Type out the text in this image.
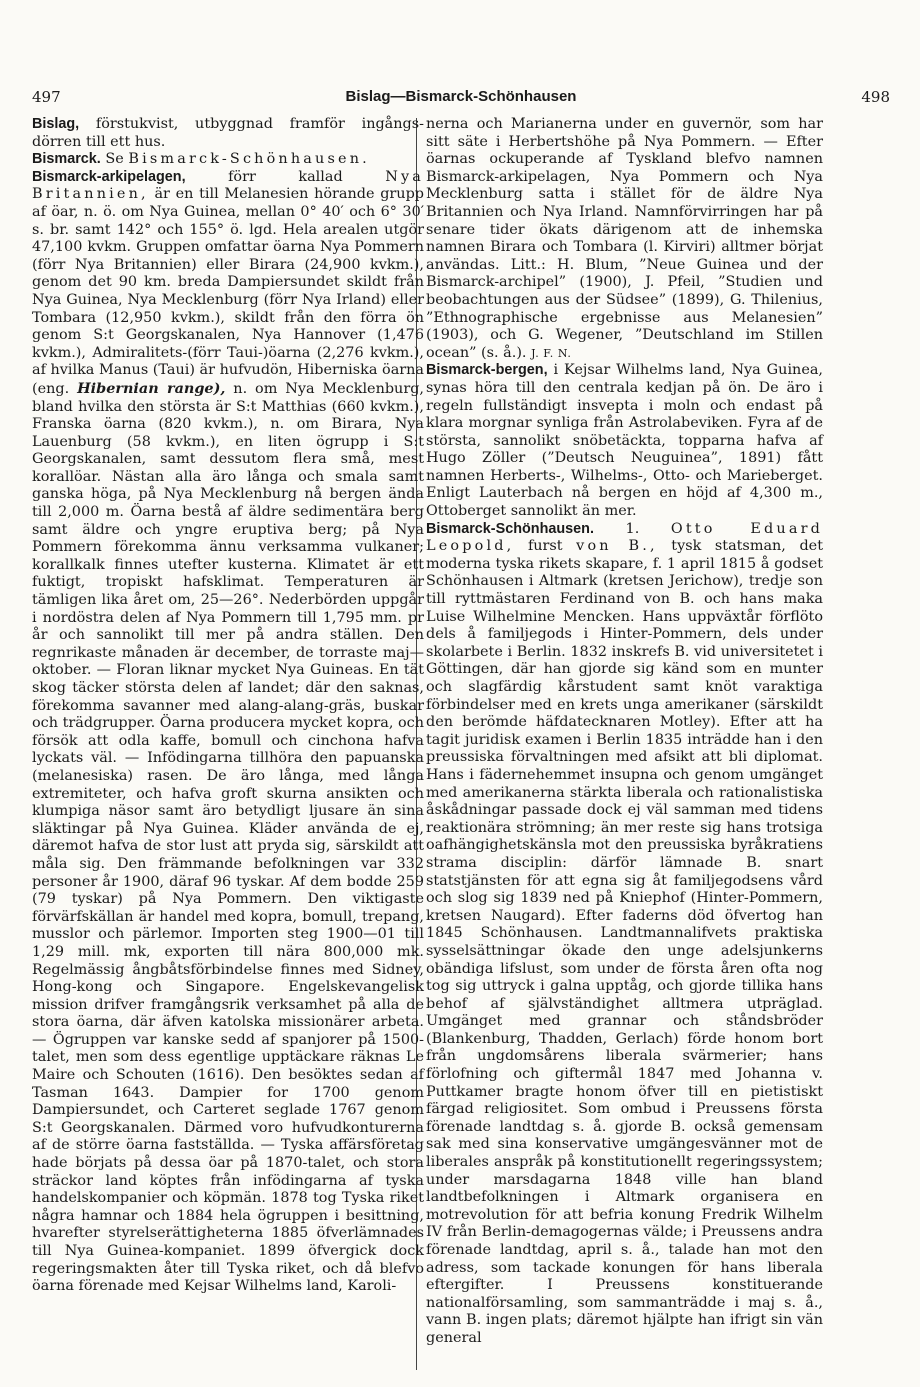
497	Bislag—Bismarck-Schönhausen	498

Bislag, förstukvist, utbyggnad framför ingångs-dörren till ett hus.

Bismarck. Se Bismarck-Schönhausen.

Bismarck-arkipelagen, förr kallad Nya Britannien, är en till Melanesien hörande grupp af öar, n. ö. om Nya Guinea, mellan 0° 40′ och 6° 30′ s. br. samt 142° och 155° ö. lgd. Hela arealen utgör 47,100 kvkm. Gruppen omfattar öarna Nya Pommern (förr Nya Britannien) eller Birara (24,900 kvkm.), genom det 90 km. breda Dampiersundet skildt från Nya Guinea, Nya Mecklenburg (förr Nya Irland) eller Tombara (12,950 kvkm.), skildt från den förra ön genom S:t Georgskanalen, Nya Hannover (1,476 kvkm.), Admiralitets-(förr Taui-)öarna (2,276 kvkm.), af hvilka Manus (Taui) är hufvudön, Hiberniska öarna (eng. Hibernian range), n. om Nya Mecklenburg, bland hvilka den största är S:t Matthias (660 kvkm.), Franska öarna (820 kvkm.), n. om Birara, Nya Lauenburg (58 kvkm.), en liten ögrupp i S:t Georgskanalen, samt dessutom flera små, mest korallöar. Nästan alla äro långa och smala samt ganska höga, på Nya Mecklenburg nå bergen ända till 2,000 m. Öarna bestå af äldre sedimentära berg samt äldre och yngre eruptiva berg; på Nya Pommern förekomma ännu verksamma vulkaner; korallkalk finnes utefter kusterna. Klimatet är ett fuktigt, tropiskt hafsklimat. Temperaturen är tämligen lika året om, 25—26°. Nederbörden uppgår i nordöstra delen af Nya Pommern till 1,795 mm. pr år och sannolikt till mer på andra ställen. Den regnrikaste månaden är december, de torraste maj—oktober. — Floran liknar mycket Nya Guineas. En tät skog täcker största delen af landet; där den saknas, förekomma savanner med alang-alang-gräs, buskar och trädgrupper. Öarna producera mycket kopra, och försök att odla kaffe, bomull och cinchona hafva lyckats väl. — Infödingarna tillhöra den papuanska (melanesiska) rasen. De äro långa, med långa extremiteter, och hafva groft skurna ansikten och klumpiga näsor samt äro betydligt ljusare än sina släktingar på Nya Guinea. Kläder använda de ej, däremot hafva de stor lust att pryda sig, särskildt att måla sig. Den främmande befolkningen var 332 personer år 1900, däraf 96 tyskar. Af dem bodde 259 (79 tyskar) på Nya Pommern. Den viktigaste förvärfskällan är handel med kopra, bomull, trepang, musslor och pärlemor. Importen steg 1900—01 till 1,29 mill. mk, exporten till nära 800,000 mk. Regelmässig ångbåtsförbindelse finnes med Sidney, Hong-kong och Singapore. Engelskevangelisk mission drifver framgångsrik verksamhet på alla de stora öarna, där äfven katolska missionärer arbeta. — Ögruppen var kanske sedd af spanjorer på 1500-talet, men som dess egentlige upptäckare räknas Le Maire och Schouten (1616). Den besöktes sedan af Tasman 1643. Dampier for 1700 genom Dampiersundet, och Carteret seglade 1767 genom S:t Georgskanalen. Därmed voro hufvudkonturerna af de större öarna fastställda. — Tyska affärsföretag hade börjats på dessa öar på 1870-talet, och stora sträckor land köptes från infödingarna af tyska handelskompanier och köpmän. 1878 tog Tyska riket några hamnar och 1884 hela ögruppen i besittning, hvarefter styrelserättigheterna 1885 öfverlämnades till Nya Guinea-kompaniet. 1899 öfvergick dock regeringsmakten åter till Tyska riket, och då blefvo öarna förenade med Kejsar Wilhelms land, Karoli-

nerna och Marianerna under en guvernör, som har sitt säte i Herbertshöhe på Nya Pommern. — Efter öarnas ockuperande af Tyskland blefvo namnen Bismarck-arkipelagen, Nya Pommern och Nya Mecklenburg satta i stället för de äldre Nya Britannien och Nya Irland. Namnförvirringen har på senare tider ökats därigenom att de inhemska namnen Birara och Tombara (l. Kirviri) alltmer börjat användas. Litt.: H. Blum, ”Neue Guinea und der Bismarck-archipel” (1900), J. Pfeil, ”Studien und beobachtungen aus der Südsee” (1899), G. Thilenius, ”Ethnographische ergebnisse aus Melanesien” (1903), och G. Wegener, ”Deutschland im Stillen ocean” (s. å.). J. F. N.

Bismarck-bergen, i Kejsar Wilhelms land, Nya Guinea, synas höra till den centrala kedjan på ön. De äro i regeln fullständigt insvepta i moln och endast på klara morgnar synliga från Astrolabeviken. Fyra af de största, sannolikt snöbetäckta, topparna hafva af Hugo Zöller (”Deutsch Neuguinea”, 1891) fått namnen Herberts-, Wilhelms-, Otto- och Marieberget. Enligt Lauterbach nå bergen en höjd af 4,300 m., Ottoberget sannolikt än mer.

Bismarck-Schönhausen. 1. Otto Eduard Leopold, furst von B., tysk statsman, det moderna tyska rikets skapare, f. 1 april 1815 å godset Schönhausen i Altmark (kretsen Jerichow), tredje son till ryttmästaren Ferdinand von B. och hans maka Luise Wilhelmine Mencken. Hans uppväxtår förflöto dels å familjegods i Hinter-Pommern, dels under skolarbete i Berlin. 1832 inskrefs B. vid universitetet i Göttingen, där han gjorde sig känd som en munter och slagfärdig kårstudent samt knöt varaktiga förbindelser med en krets unga amerikaner (särskildt den berömde häfdatecknaren Motley). Efter att ha tagit juridisk examen i Berlin 1835 inträdde han i den preussiska förvaltningen med afsikt att bli diplomat. Hans i fädernehemmet insupna och genom umgänget med amerikanerna stärkta liberala och rationalistiska åskådningar passade dock ej väl samman med tidens reaktionära strömning; än mer reste sig hans trotsiga oafhängighetskänsla mot den preussiska byråkratiens strama disciplin: därför lämnade B. snart statstjänsten för att egna sig åt familjegodsens vård och slog sig 1839 ned på Kniephof (Hinter-Pommern, kretsen Naugard). Efter faderns död öfvertog han 1845 Schönhausen. Landtmannalifvets praktiska sysselsättningar ökade den unge adelsjunkerns obändiga lifslust, som under de första åren ofta nog tog sig uttryck i galna upptåg, och gjorde tillika hans behof af självständighet alltmera utpräglad. Umgänget med grannar och ståndsbröder (Blankenburg, Thadden, Gerlach) förde honom bort från ungdomsårens liberala svärmerier; hans förlofning och giftermål 1847 med Johanna v. Puttkamer bragte honom öfver till en pietistiskt färgad religiositet. Som ombud i Preussens första förenade landtdag s. å. gjorde B. också gemensam sak med sina konservative umgängesvänner mot de liberales anspråk på konstitutionellt regeringssystem; under marsdagarna 1848 ville han bland landtbefolkningen i Altmark organisera en motrevolution för att befria konung Fredrik Wilhelm IV från Berlin-demagogernas välde; i Preussens andra förenade landtdag, april s. å., talade han mot den adress, som tackade konungen för hans liberala eftergifter. I Preussens konstituerande nationalförsamling, som sammanträdde i maj s. å., vann B. ingen plats; däremot hjälpte han ifrigt sin vän general
